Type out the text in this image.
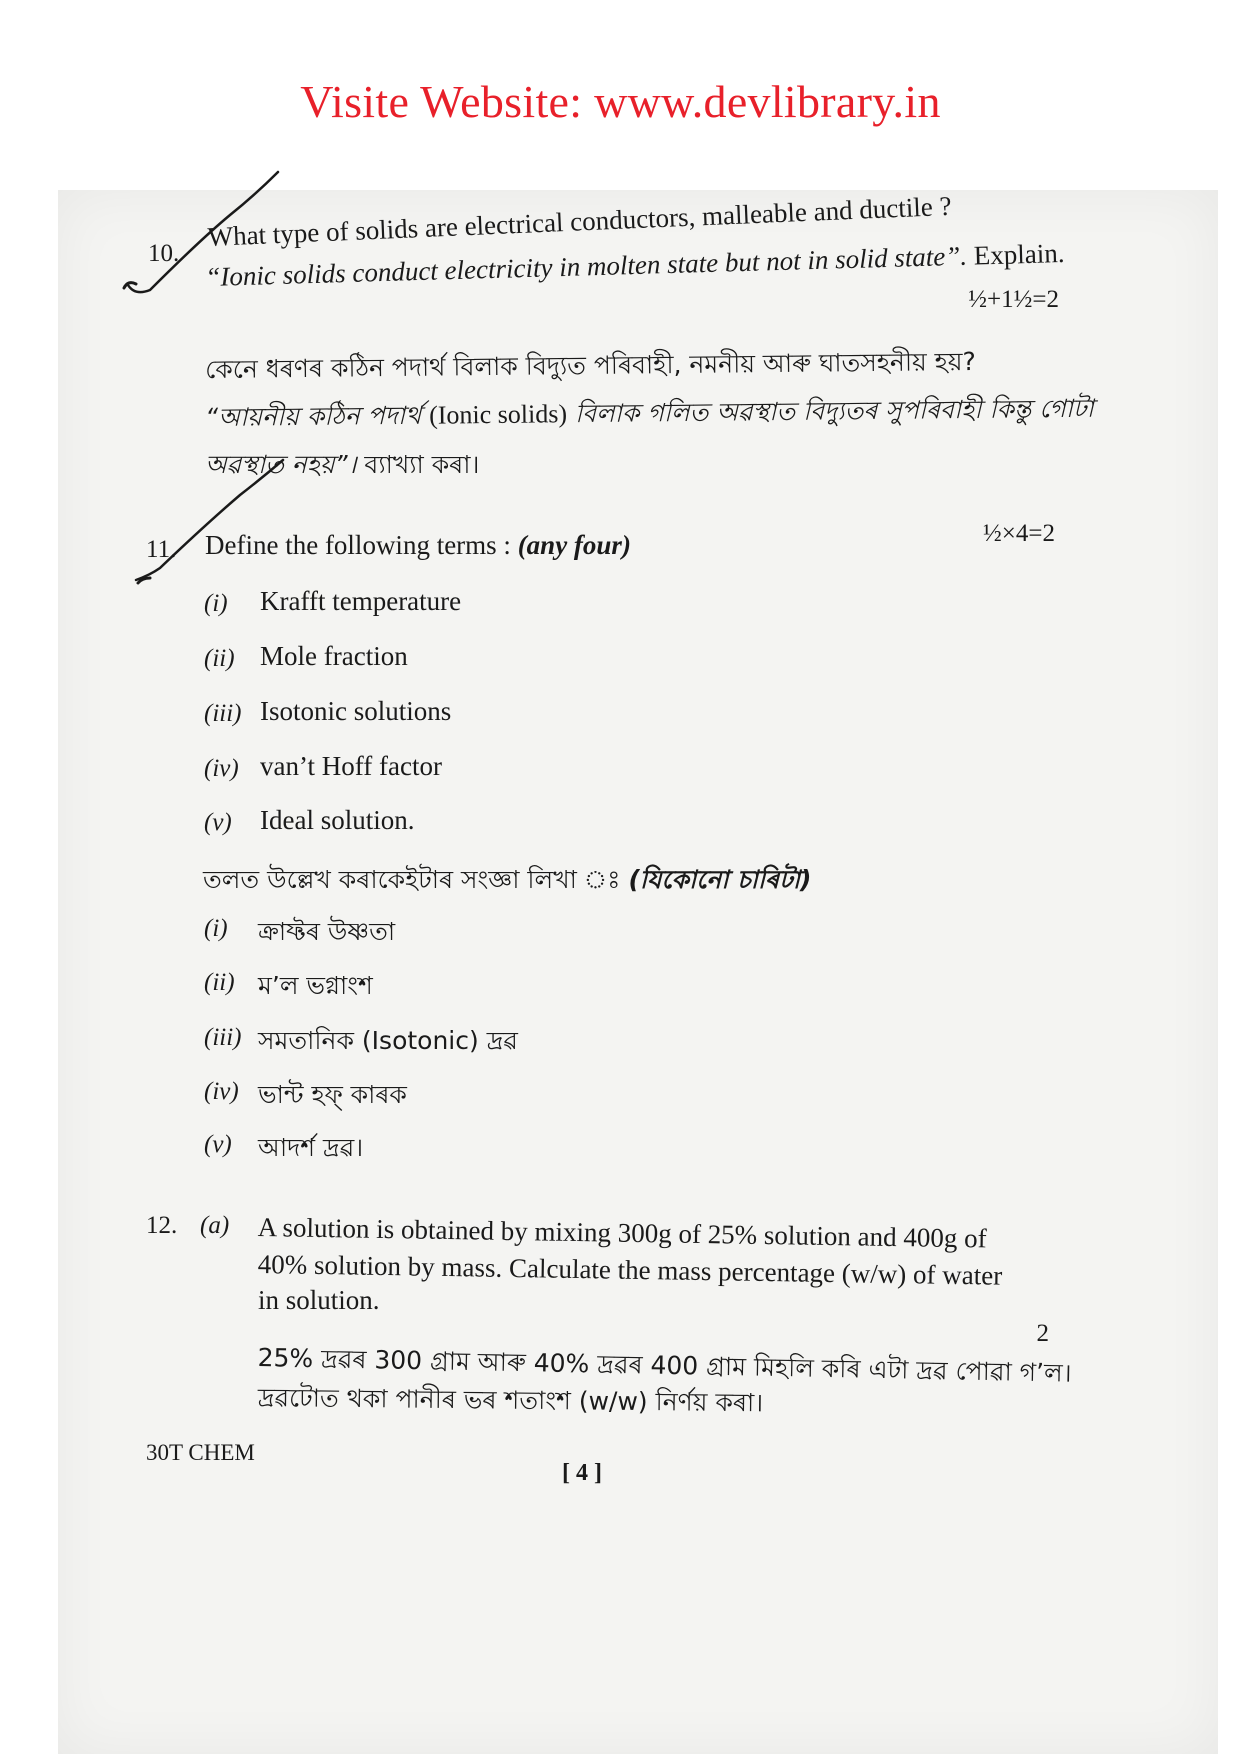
Visite Website: www.devlibrary.in
10.
What type of solids are electrical conductors, malleable and ductile ?
“Ionic solids conduct electricity in molten state but not in solid state”. Explain.
½+1½=2
কেনে ধৰণৰ কঠিন পদাৰ্থ বিলাক বিদ্যুত পৰিবাহী, নমনীয় আৰু ঘাতসহনীয় হয়?
“আয়নীয় কঠিন পদাৰ্থ (Ionic solids) বিলাক গলিত অৱস্থাত বিদ্যুতৰ সুপৰিবাহী কিন্তু গোটা
অৱস্থাত নহয়”। ব্যাখ্যা কৰা।
11. Define the following terms : (any four)	½×4=2
(i) Krafft temperature
(ii) Mole fraction
(iii) Isotonic solutions
(iv) van’t Hoff factor
(v) Ideal solution.
তলত উল্লেখ কৰাকেইটাৰ সংজ্ঞা লিখা ঃ (যিকোনো চাৰিটা)
(i) ক্ৰাফ্টৰ উষ্ণতা
(ii) ম’ল ভগ্নাংশ
(iii) সমতানিক (Isotonic) দ্ৰৱ
(iv) ভান্ট হফ্ কাৰক
(v) আদৰ্শ দ্ৰৱ।
12. (a) A solution is obtained by mixing 300g of 25% solution and 400g of
40% solution by mass. Calculate the mass percentage (w/w) of water
in solution.
2
25% দ্ৰৱৰ 300 গ্ৰাম আৰু 40% দ্ৰৱৰ 400 গ্ৰাম মিহলি কৰি এটা দ্ৰৱ পোৱা গ’ল।
দ্ৰৱটোত থকা পানীৰ ভৰ শতাংশ (w/w) নিৰ্ণয় কৰা।
30T CHEM
[ 4 ]
